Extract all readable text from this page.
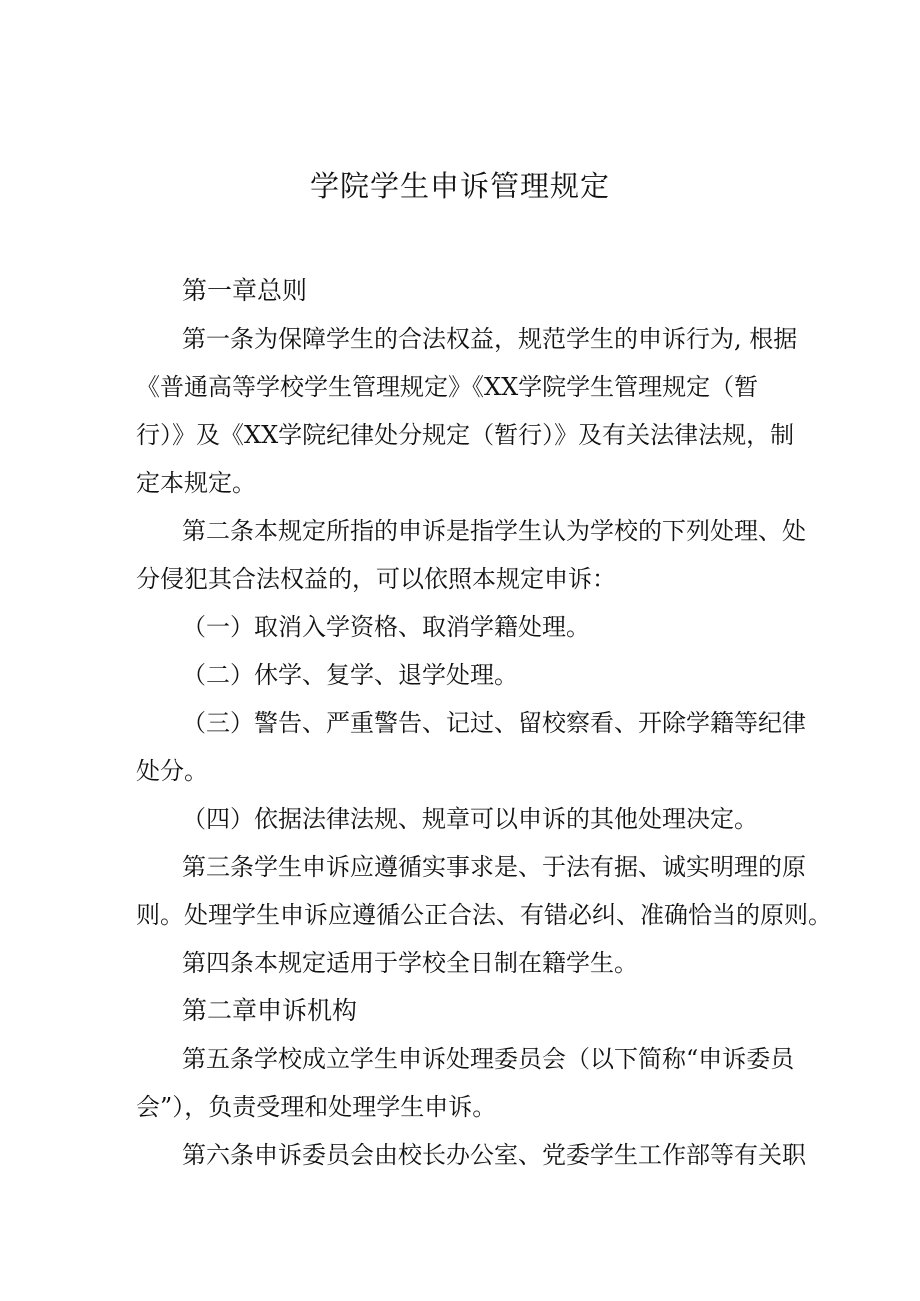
学院学生申诉管理规定
第一章总则
第一条为保障学生的合法权益，规范学生的申诉行为, 根据
《普通高等学校学生管理规定》《XX学院学生管理规定（暂
行）》及《XX学院纪律处分规定（暂行）》及有关法律法规，制
定本规定。
第二条本规定所指的申诉是指学生认为学校的下列处理、处
分侵犯其合法权益的，可以依照本规定申诉：
（一）取消入学资格、取消学籍处理。
（二）休学、复学、退学处理。
（三）警告、严重警告、记过、留校察看、开除学籍等纪律
处分。
（四）依据法律法规、规章可以申诉的其他处理决定。
第三条学生申诉应遵循实事求是、于法有据、诚实明理的原
则。处理学生申诉应遵循公正合法、有错必纠、准确恰当的原则。
第四条本规定适用于学校全日制在籍学生。
第二章申诉机构
第五条学校成立学生申诉处理委员会（以下简称“申诉委员
会”），负责受理和处理学生申诉。
第六条申诉委员会由校长办公室、党委学生工作部等有关职
